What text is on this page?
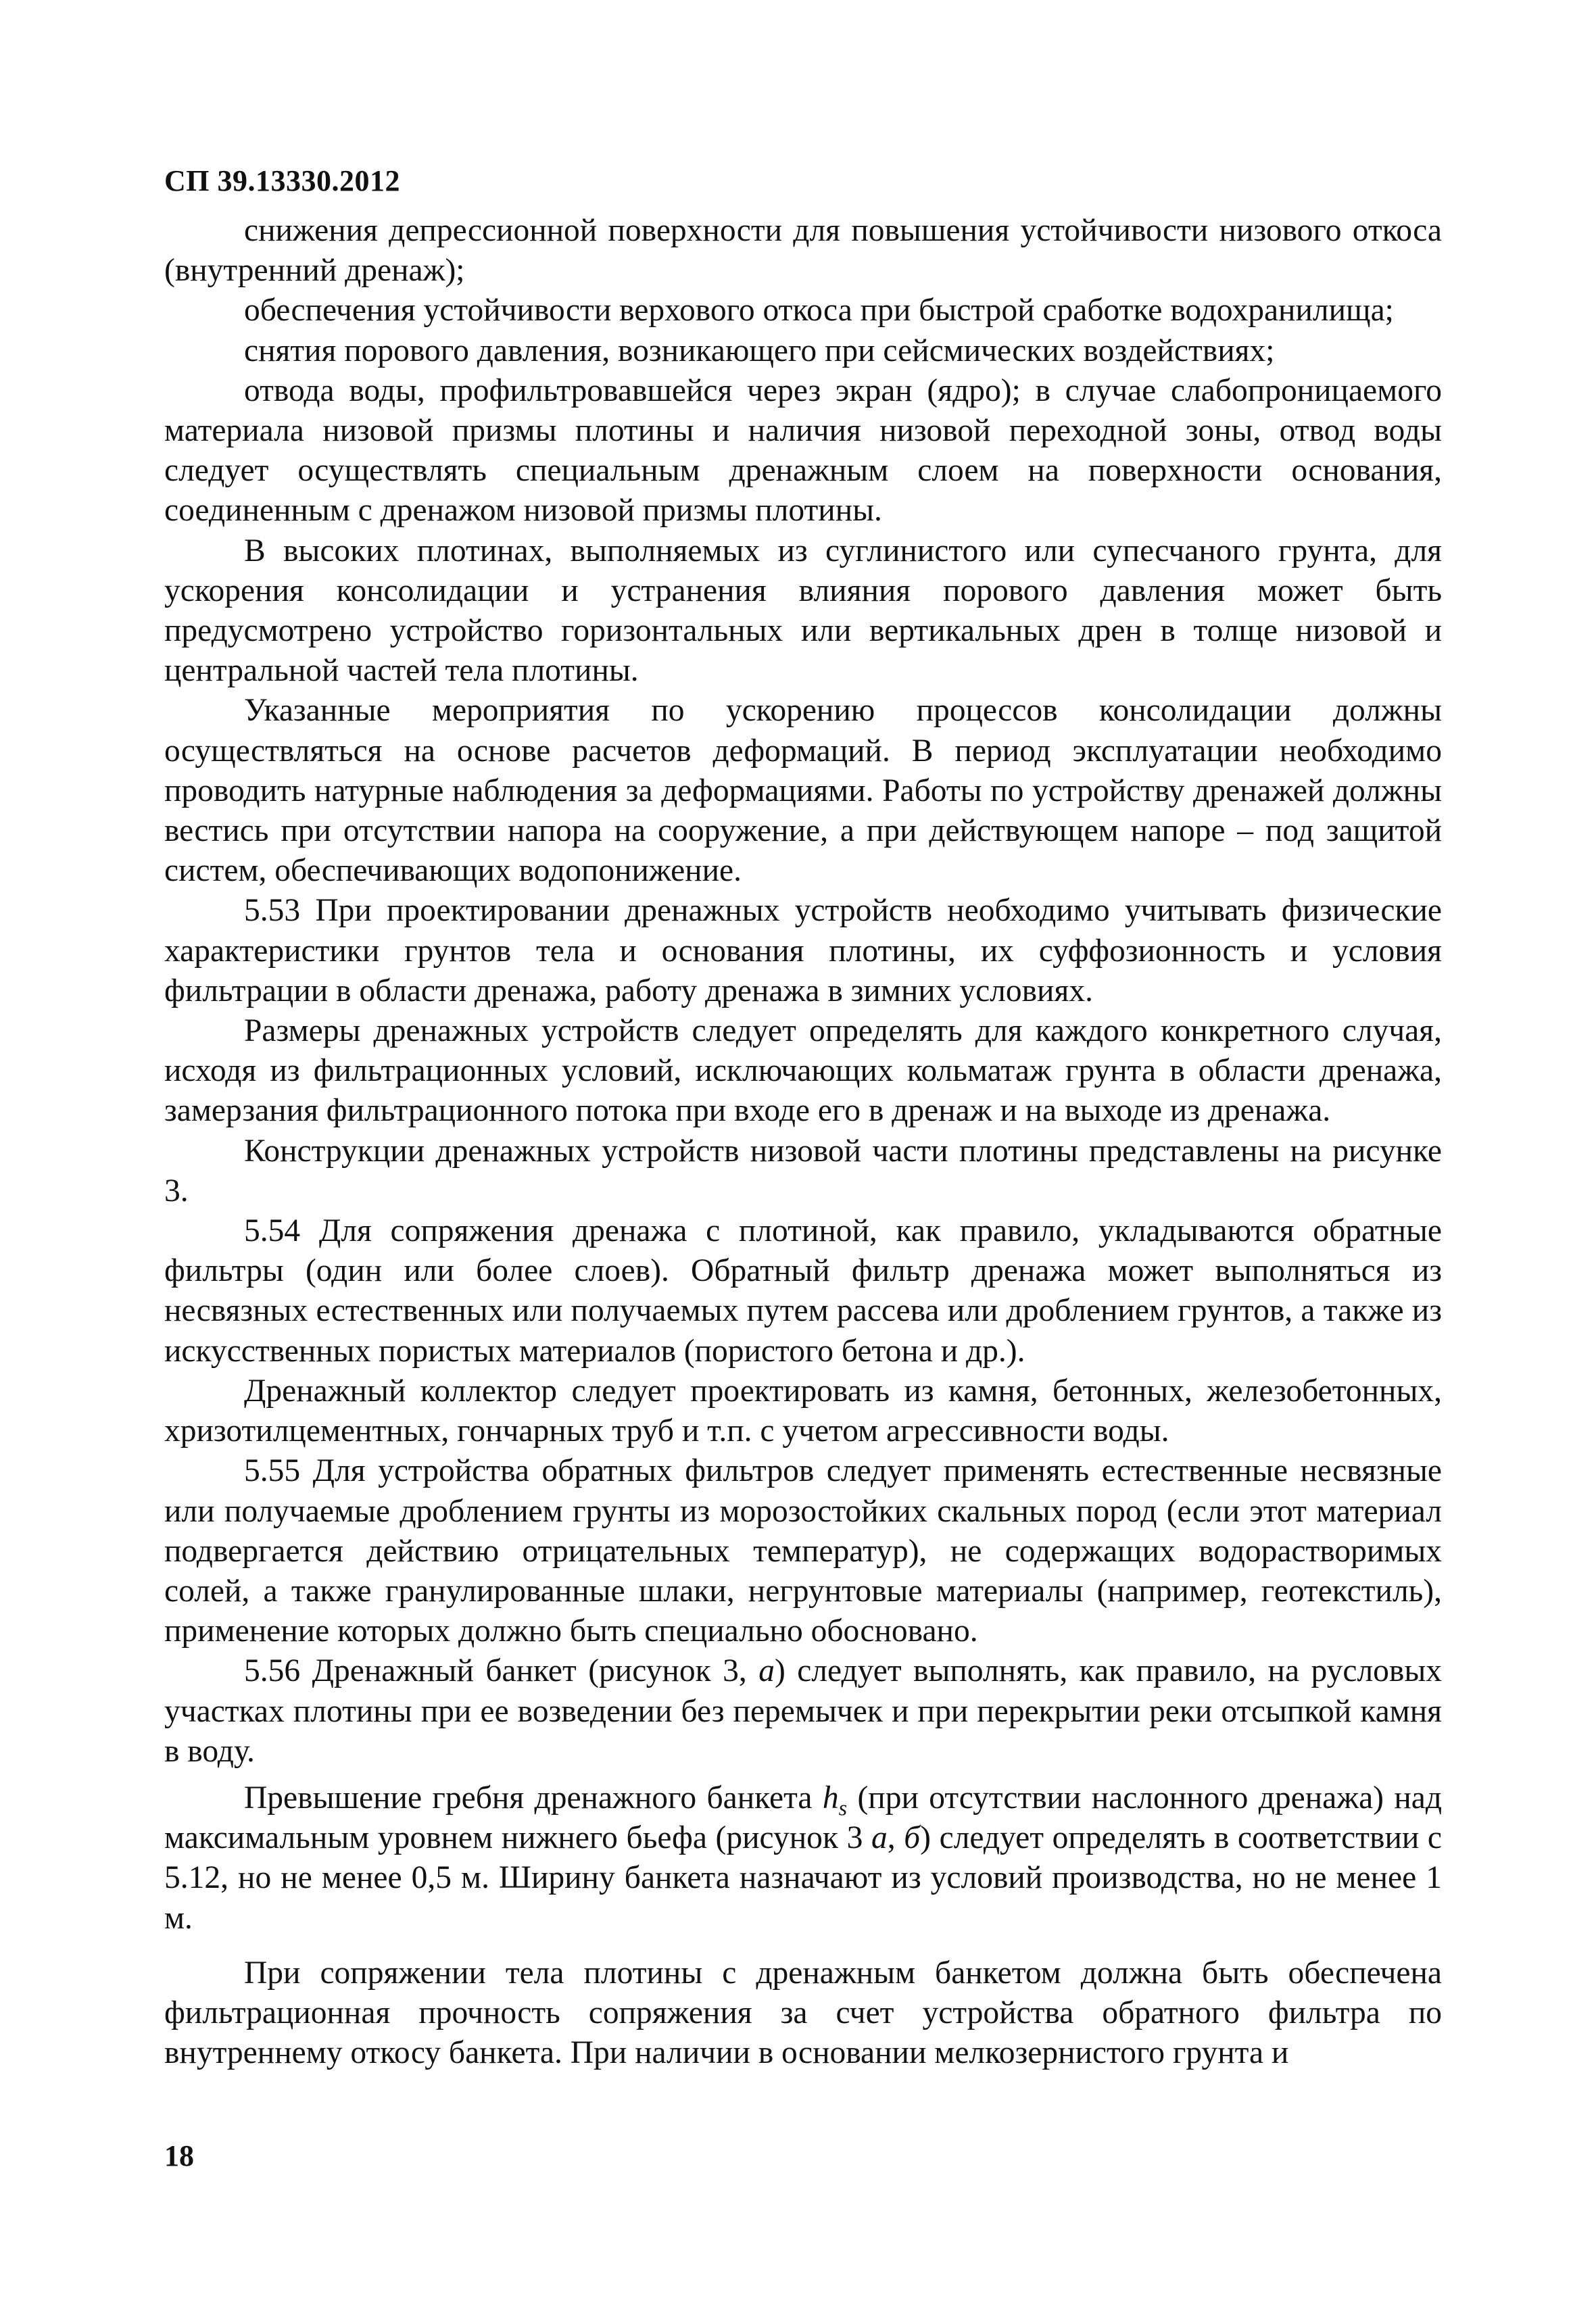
СП 39.13330.2012

снижения депрессионной поверхности для повышения устойчивости низового откоса (внутренний дренаж);

обеспечения устойчивости верхового откоса при быстрой сработке водохранилища;

снятия порового давления, возникающего при сейсмических воздействиях;

отвода воды, профильтровавшейся через экран (ядро); в случае слабопроницаемого материала низовой призмы плотины и наличия низовой переходной зоны, отвод воды следует осуществлять специальным дренажным слоем на поверхности основания, соединенным с дренажом низовой призмы плотины.

В высоких плотинах, выполняемых из суглинистого или супесчаного грунта, для ускорения консолидации и устранения влияния порового давления может быть предусмотрено устройство горизонтальных или вертикальных дрен в толще низовой и центральной частей тела плотины.

Указанные мероприятия по ускорению процессов консолидации должны осуществляться на основе расчетов деформаций. В период эксплуатации необходимо проводить натурные наблюдения за деформациями. Работы по устройству дренажей должны вестись при отсутствии напора на сооружение, а при действующем напоре – под защитой систем, обеспечивающих водопонижение.

5.53 При проектировании дренажных устройств необходимо учитывать физические характеристики грунтов тела и основания плотины, их суффозионность и условия фильтрации в области дренажа, работу дренажа в зимних условиях.

Размеры дренажных устройств следует определять для каждого конкретного случая, исходя из фильтрационных условий, исключающих кольматаж грунта в области дренажа, замерзания фильтрационного потока при входе его в дренаж и на выходе из дренажа.

Конструкции дренажных устройств низовой части плотины представлены на рисунке 3.

5.54 Для сопряжения дренажа с плотиной, как правило, укладываются обратные фильтры (один или более слоев). Обратный фильтр дренажа может выполняться из несвязных естественных или получаемых путем рассева или дроблением грунтов, а также из искусственных пористых материалов (пористого бетона и др.).

Дренажный коллектор следует проектировать из камня, бетонных, железобетонных, хризотилцементных, гончарных труб и т.п. с учетом агрессивности воды.

5.55 Для устройства обратных фильтров следует применять естественные несвязные или получаемые дроблением грунты из морозостойких скальных пород (если этот материал подвергается действию отрицательных температур), не содержащих водорастворимых солей, а также гранулированные шлаки, негрунтовые материалы (например, геотекстиль), применение которых должно быть специально обосновано.

5.56 Дренажный банкет (рисунок 3, а) следует выполнять, как правило, на русловых участках плотины при ее возведении без перемычек и при перекрытии реки отсыпкой камня в воду.

Превышение гребня дренажного банкета $h_s$ (при отсутствии наслонного дренажа) над максимальным уровнем нижнего бьефа (рисунок 3 а, б) следует определять в соответствии с 5.12, но не менее 0,5 м. Ширину банкета назначают из условий производства, но не менее 1 м.

При сопряжении тела плотины с дренажным банкетом должна быть обеспечена фильтрационная прочность сопряжения за счет устройства обратного фильтра по внутреннему откосу банкета. При наличии в основании мелкозернистого грунта и

18
